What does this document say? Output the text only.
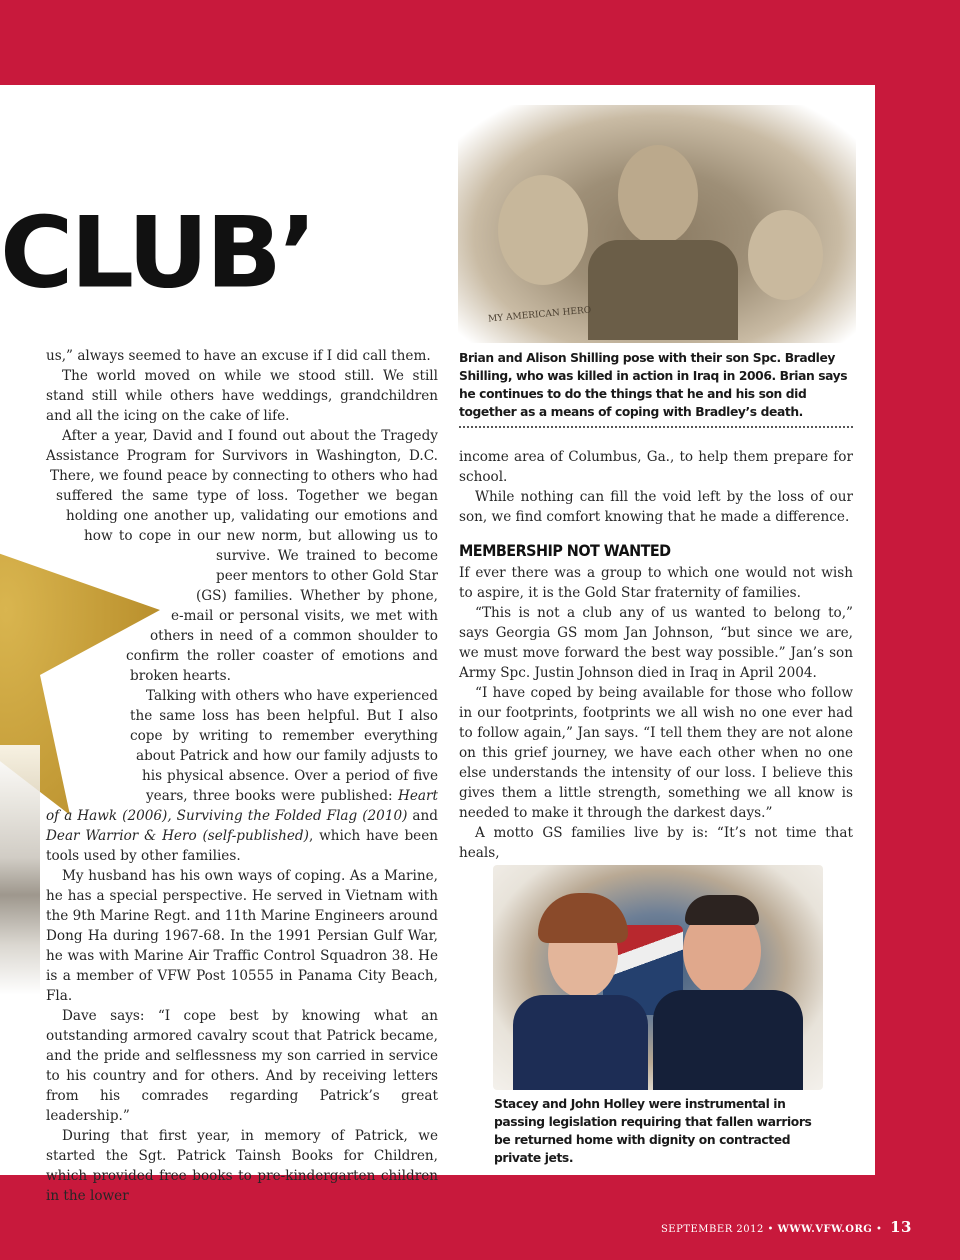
CLUB’
MY AMERICAN HERO

Brian and Alison Shilling pose with their son Spc. Bradley Shilling, who was killed in action in Iraq in 2006. Brian says he continues to do the things that he and his son did together as a means of coping with Bradley’s death.

us,” always seemed to have an excuse if I did call them.

The world moved on while we stood still. We still stand still while others have weddings, grandchildren and all the icing on the cake of life.

After a year, David and I found out about the Tragedy Assistance Program for Survivors in Washington, D.C. There, we found peace by connecting to others who had suffered the same type of loss. Together we began holding one another up, validating our emotions and how to cope in our new norm, but allowing us to survive. We trained to become peer mentors to other Gold Star (GS) families. Whether by phone, e-mail or personal visits, we met with others in need of a common shoulder to confirm the roller coaster of emotions and broken hearts.

Talking with others who have experienced the same loss has been helpful. But I also cope by writing to remember everything about Patrick and how our family adjusts to his physical absence. Over a period of five years, three books were published: Heart of a Hawk (2006), Surviving the Folded Flag (2010) and Dear Warrior & Hero (self-published), which have been tools used by other families.

My husband has his own ways of coping. As a Marine, he has a special perspective. He served in Vietnam with the 9th Marine Regt. and 11th Marine Engineers around Dong Ha during 1967-68. In the 1991 Persian Gulf War, he was with Marine Air Traffic Control Squadron 38. He is a member of VFW Post 10555 in Panama City Beach, Fla.

Dave says: “I cope best by knowing what an outstanding armored cavalry scout that Patrick became, and the pride and selflessness my son carried in service to his country and for others. And by receiving letters from his comrades regarding Patrick’s great leadership.”

During that first year, in memory of Patrick, we started the Sgt. Patrick Tainsh Books for Children, which provided free books to pre-kindergarten children in the lower

income area of Columbus, Ga., to help them prepare for school.

While nothing can fill the void left by the loss of our son, we find comfort knowing that he made a difference.

MEMBERSHIP NOT WANTED

If ever there was a group to which one would not wish to aspire, it is the Gold Star fraternity of families.

“This is not a club any of us wanted to belong to,” says Georgia GS mom Jan Johnson, “but since we are, we must move forward the best way possible.” Jan’s son Army Spc. Justin Johnson died in Iraq in April 2004.

“I have coped by being available for those who follow in our footprints, footprints we all wish no one ever had to follow again,” Jan says. “I tell them they are not alone on this grief journey, we have each other when no one else understands the intensity of our loss. I believe this gives them a little strength, something we all know is needed to make it through the darkest days.”

A motto GS families live by is: “It’s not time that heals,

Stacey and John Holley were instrumental in passing legislation requiring that fallen warriors be returned home with dignity on contracted private jets.

SEPTEMBER 2012 • WWW.VFW.ORG • 13
